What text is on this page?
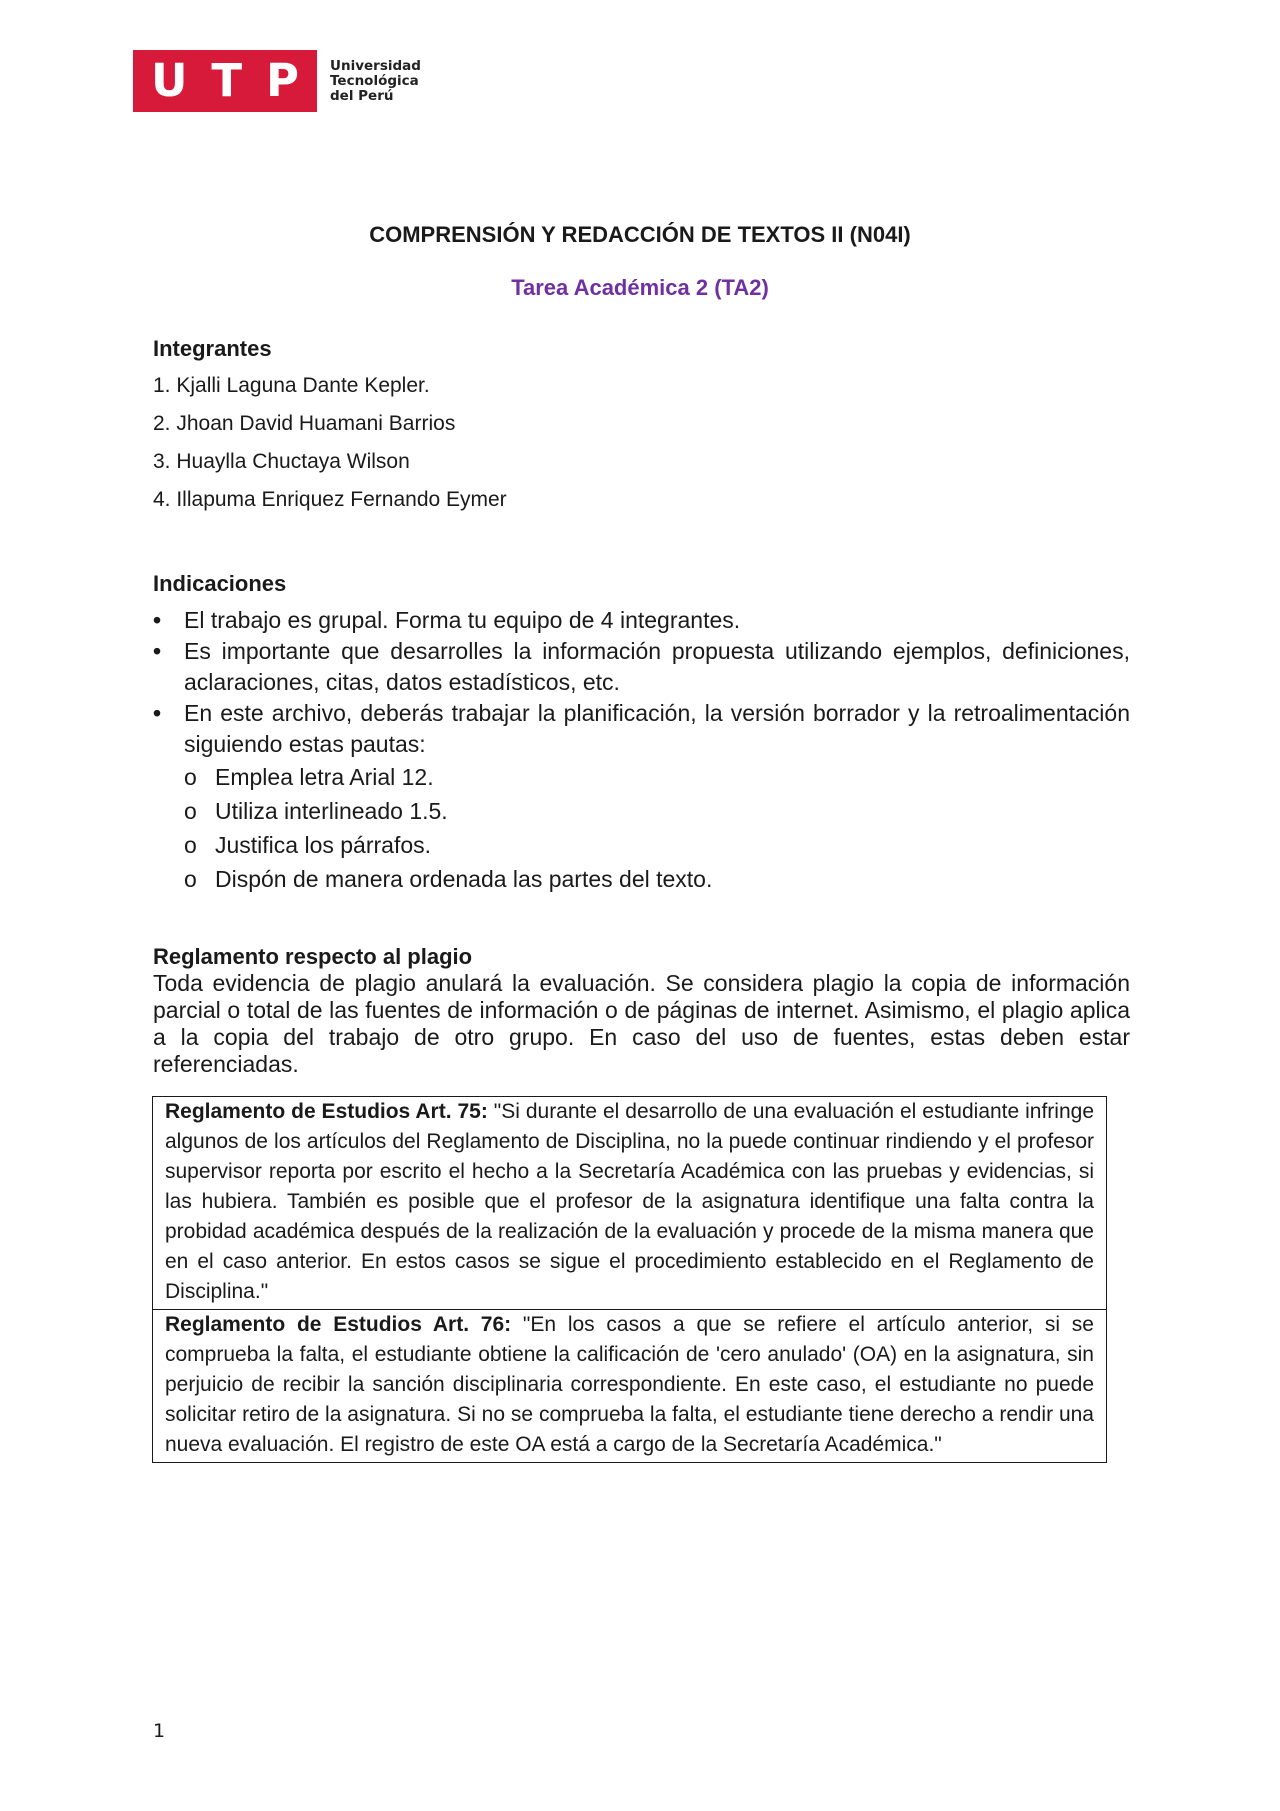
U T P Universidad
Tecnológica
del Perú
COMPRENSIÓN Y REDACCIÓN DE TEXTOS II (N04I)
Tarea Académica 2 (TA2)
Integrantes
1. Kjalli Laguna Dante Kepler.
2. Jhoan David Huamani Barrios
3. Huaylla Chuctaya Wilson
4. Illapuma Enriquez Fernando Eymer
Indicaciones
• El trabajo es grupal. Forma tu equipo de 4 integrantes.
• Es importante que desarrolles la información propuesta utilizando ejemplos, definiciones, aclaraciones, citas, datos estadísticos, etc.
• En este archivo, deberás trabajar la planificación, la versión borrador y la retroalimentación siguiendo estas pautas:
o Emplea letra Arial 12.
o Utiliza interlineado 1.5.
o Justifica los párrafos.
o Dispón de manera ordenada las partes del texto.
Reglamento respecto al plagio
Toda evidencia de plagio anulará la evaluación. Se considera plagio la copia de información parcial o total de las fuentes de información o de páginas de internet. Asimismo, el plagio aplica a la copia del trabajo de otro grupo. En caso del uso de fuentes, estas deben estar referenciadas.
Reglamento de Estudios Art. 75: "Si durante el desarrollo de una evaluación el estudiante infringe algunos de los artículos del Reglamento de Disciplina, no la puede continuar rindiendo y el profesor supervisor reporta por escrito el hecho a la Secretaría Académica con las pruebas y evidencias, si las hubiera. También es posible que el profesor de la asignatura identifique una falta contra la probidad académica después de la realización de la evaluación y procede de la misma manera que en el caso anterior. En estos casos se sigue el procedimiento establecido en el Reglamento de Disciplina."
Reglamento de Estudios Art. 76: "En los casos a que se refiere el artículo anterior, si se comprueba la falta, el estudiante obtiene la calificación de 'cero anulado' (OA) en la asignatura, sin perjuicio de recibir la sanción disciplinaria correspondiente. En este caso, el estudiante no puede solicitar retiro de la asignatura. Si no se comprueba la falta, el estudiante tiene derecho a rendir una nueva evaluación. El registro de este OA está a cargo de la Secretaría Académica."
1
